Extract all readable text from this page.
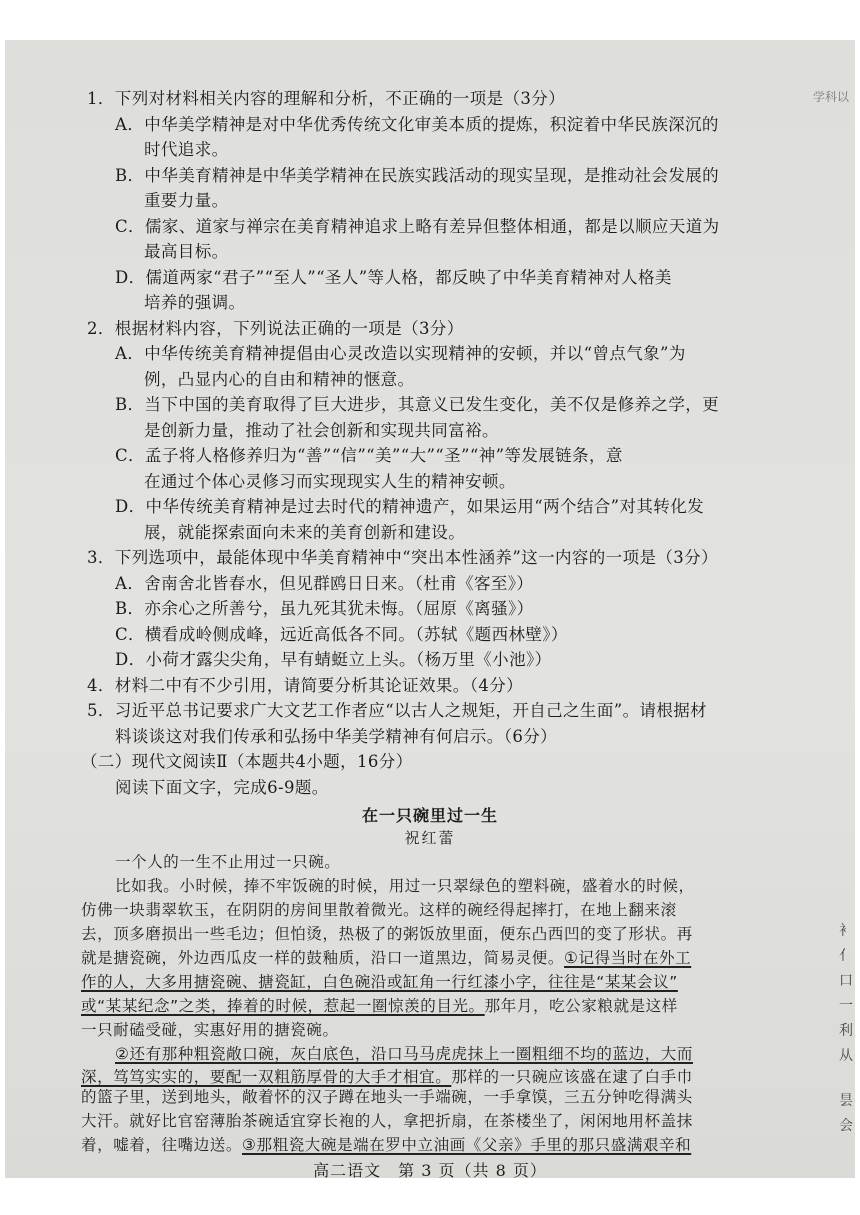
学科以
1．下列对材料相关内容的理解和分析，不正确的一项是（3分）
A．中华美学精神是对中华优秀传统文化审美本质的提炼，积淀着中华民族深沉的
时代追求。
B．中华美育精神是中华美学精神在民族实践活动的现实呈现，是推动社会发展的
重要力量。
C．儒家、道家与禅宗在美育精神追求上略有差异但整体相通，都是以顺应天道为
最高目标。
D．儒道两家“君子”“至人”“圣人”等人格，都反映了中华美育精神对人格美
培养的强调。
2．根据材料内容，下列说法正确的一项是（3分）
A．中华传统美育精神提倡由心灵改造以实现精神的安顿，并以“曾点气象”为
例，凸显内心的自由和精神的惬意。
B．当下中国的美育取得了巨大进步，其意义已发生变化，美不仅是修养之学，更
是创新力量，推动了社会创新和实现共同富裕。
C．孟子将人格修养归为“善”“信”“美”“大”“圣”“神”等发展链条，意
在通过个体心灵修习而实现现实人生的精神安顿。
D．中华传统美育精神是过去时代的精神遗产，如果运用“两个结合”对其转化发
展，就能探索面向未来的美育创新和建设。
3．下列选项中，最能体现中华美育精神中“突出本性涵养”这一内容的一项是（3分）
A．舍南舍北皆春水，但见群鸥日日来。（杜甫《客至》）
B．亦余心之所善兮，虽九死其犹未悔。（屈原《离骚》）
C．横看成岭侧成峰，远近高低各不同。（苏轼《题西林壁》）
D．小荷才露尖尖角，早有蜻蜓立上头。（杨万里《小池》）
4．材料二中有不少引用，请简要分析其论证效果。（4分）
5．习近平总书记要求广大文艺工作者应“以古人之规矩，开自己之生面”。请根据材
料谈谈这对我们传承和弘扬中华美学精神有何启示。（6分）
（二）现代文阅读Ⅱ（本题共4小题，16分）
阅读下面文字，完成6-9题。
在一只碗里过一生
祝红蕾
一个人的一生不止用过一只碗。
比如我。小时候，捧不牢饭碗的时候，用过一只翠绿色的塑料碗，盛着水的时候，
仿佛一块翡翠软玉，在阴阴的房间里散着微光。这样的碗经得起摔打，在地上翻来滚
去，顶多磨损出一些毛边；但怕烫，热极了的粥饭放里面，便东凸西凹的变了形状。再
就是搪瓷碗，外边西瓜皮一样的鼓釉质，沿口一道黑边，简易灵便。①记得当时在外工
作的人，大多用搪瓷碗、搪瓷缸，白色碗沿或缸角一行红漆小字，往往是“某某会议”
或“某某纪念”之类，捧着的时候，惹起一圈惊羡的目光。那年月，吃公家粮就是这样
一只耐磕受碰，实惠好用的搪瓷碗。
②还有那种粗瓷敞口碗，灰白底色，沿口马马虎虎抹上一圈粗细不均的蓝边，大而
深，笃笃实实的，要配一双粗筋厚骨的大手才相宜。那样的一只碗应该盛在逮了白手巾
的篮子里，送到地头，敞着怀的汉子蹲在地头一手端碗，一手拿馍，三五分钟吃得满头
大汗。就好比官窑薄胎茶碗适宜穿长袍的人，拿把折扇，在茶楼坐了，闲闲地用杯盖抹
着，嘘着，往嘴边送。③那粗瓷大碗是端在罗中立油画《父亲》手里的那只盛满艰辛和
高二语文　第 3 页（共 8 页）
衤
亻
口
一
利
从
昙
会
